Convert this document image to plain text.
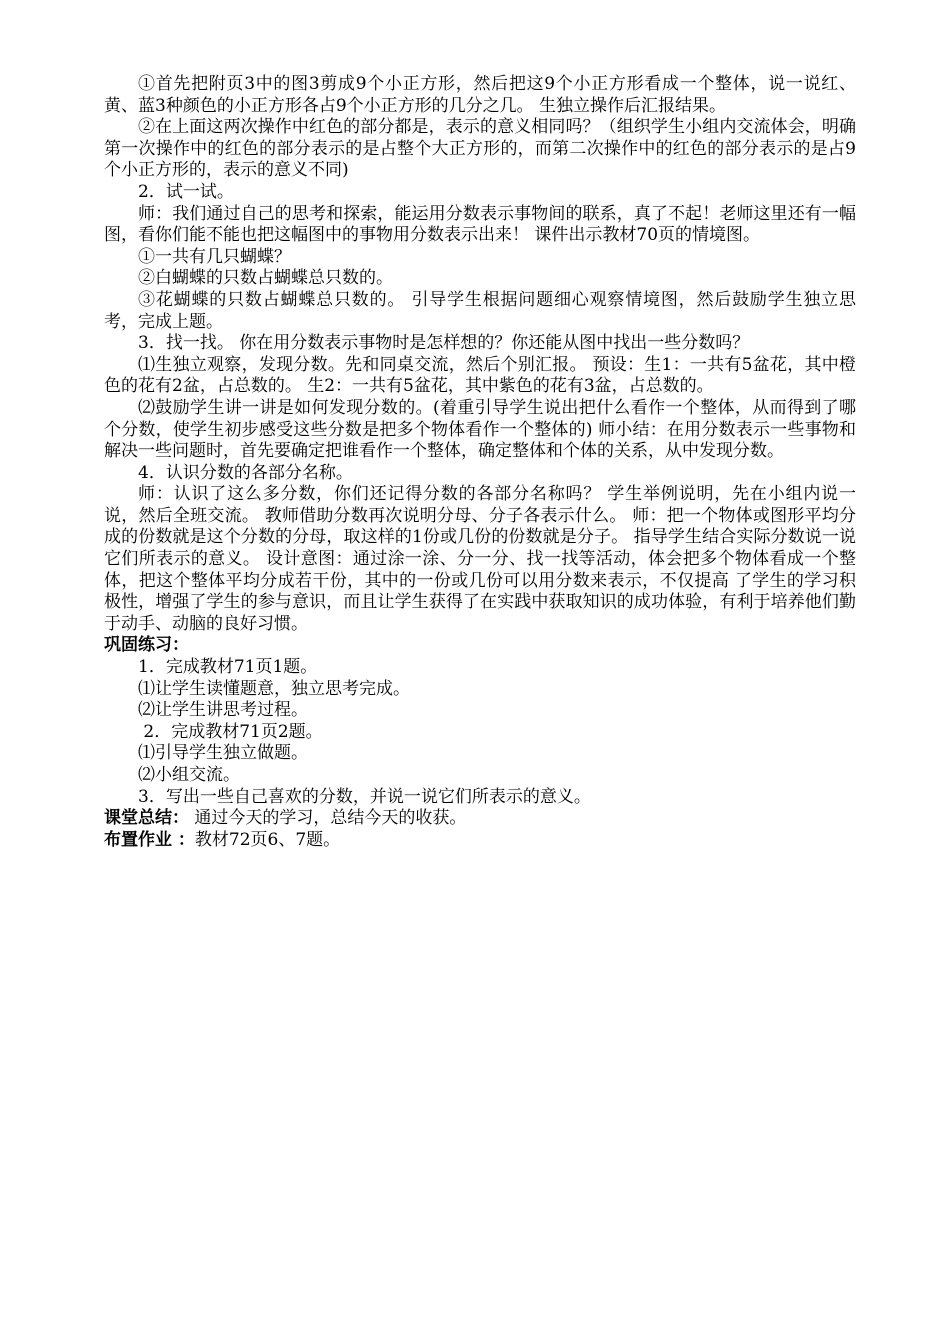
①首先把附页3中的图3剪成9个小正方形，然后把这9个小正方形看成一个整体，说一说红、黄、蓝3种颜色的小正方形各占9个小正方形的几分之几。 生独立操作后汇报结果。

②在上面这两次操作中红色的部分都是，表示的意义相同吗？（组织学生小组内交流体会，明确第一次操作中的红色的部分表示的是占整个大正方形的，而第二次操作中的红色的部分表示的是占9个小正方形的，表示的意义不同)

2．试一试。

师：我们通过自己的思考和探索，能运用分数表示事物间的联系，真了不起！老师这里还有一幅图，看你们能不能也把这幅图中的事物用分数表示出来！ 课件出示教材70页的情境图。

①一共有几只蝴蝶？

②白蝴蝶的只数占蝴蝶总只数的。

③花蝴蝶的只数占蝴蝶总只数的。 引导学生根据问题细心观察情境图，然后鼓励学生独立思考，完成上题。

3．找一找。 你在用分数表示事物时是怎样想的？你还能从图中找出一些分数吗？

⑴生独立观察，发现分数。先和同桌交流，然后个别汇报。 预设：生1：一共有5盆花，其中橙色的花有2盆，占总数的。 生2：一共有5盆花，其中紫色的花有3盆，占总数的。

⑵鼓励学生讲一讲是如何发现分数的。(着重引导学生说出把什么看作一个整体，从而得到了哪个分数，使学生初步感受这些分数是把多个物体看作一个整体的) 师小结：在用分数表示一些事物和解决一些问题时，首先要确定把谁看作一个整体，确定整体和个体的关系，从中发现分数。

4．认识分数的各部分名称。

师：认识了这么多分数，你们还记得分数的各部分名称吗？ 学生举例说明，先在小组内说一说，然后全班交流。 教师借助分数再次说明分母、分子各表示什么。 师：把一个物体或图形平均分成的份数就是这个分数的分母，取这样的1份或几份的份数就是分子。 指导学生结合实际分数说一说它们所表示的意义。 设计意图：通过涂一涂、分一分、找一找等活动，体会把多个物体看成一个整体，把这个整体平均分成若干份，其中的一份或几份可以用分数来表示，不仅提高 了学生的学习积极性，增强了学生的参与意识，而且让学生获得了在实践中获取知识的成功体验，有利于培养他们勤于动手、动脑的良好习惯。

巩固练习：

1．完成教材71页1题。

⑴让学生读懂题意，独立思考完成。

⑵让学生讲思考过程。

2．完成教材71页2题。

⑴引导学生独立做题。

⑵小组交流。

3．写出一些自己喜欢的分数，并说一说它们所表示的意义。

课堂总结： 通过今天的学习，总结今天的收获。

布置作业 ：教材72页6、7题。
